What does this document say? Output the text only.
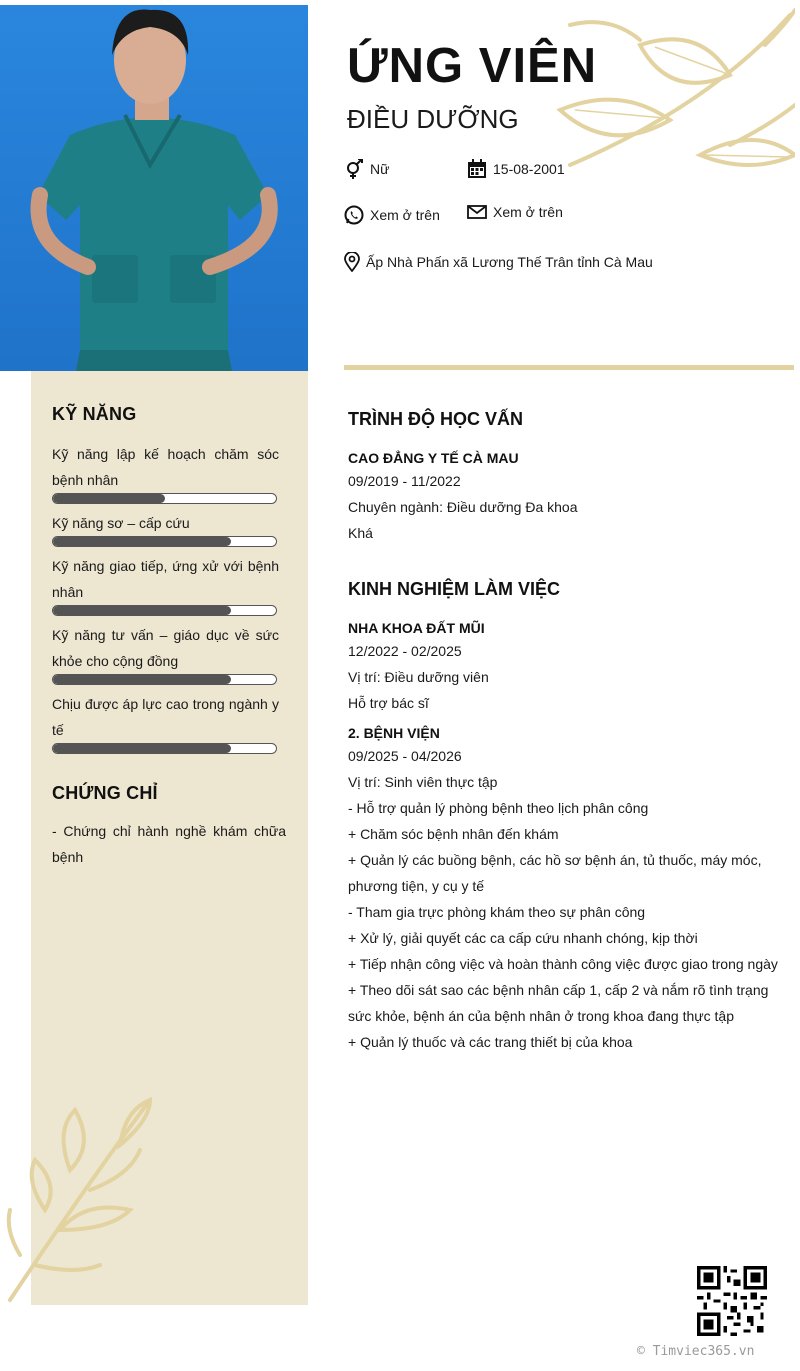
ỨNG VIÊN
ĐIỀU DƯỠNG
Nữ	15-08-2001
Xem ở trên	Xem ở trên
Ấp Nhà Phấn xã Lương Thế Trân tỉnh Cà Mau
KỸ NĂNG
Kỹ năng lập kế hoạch chăm sóc bệnh nhân
Kỹ năng sơ – cấp cứu
Kỹ năng giao tiếp, ứng xử với bệnh nhân
Kỹ năng tư vấn – giáo dục về sức khỏe cho cộng đồng
Chịu được áp lực cao trong ngành y tế
CHỨNG CHỈ
- Chứng chỉ hành nghề khám chữa bệnh
TRÌNH ĐỘ HỌC VẤN
CAO ĐẲNG Y TẾ CÀ MAU
09/2019 - 11/2022
Chuyên ngành: Điều dưỡng Đa khoa
Khá
KINH NGHIỆM LÀM VIỆC
NHA KHOA ĐẤT MŨI
12/2022 - 02/2025
Vị trí: Điều dưỡng viên
Hỗ trợ bác sĩ
2. BỆNH VIỆN
09/2025 - 04/2026
Vị trí: Sinh viên thực tập
- Hỗ trợ quản lý phòng bệnh theo lịch phân công
+ Chăm sóc bệnh nhân đến khám
+ Quản lý các buồng bệnh, các hồ sơ bệnh án, tủ thuốc, máy móc, phương tiện, y cụ y tế
- Tham gia trực phòng khám theo sự phân công
+ Xử lý, giải quyết các ca cấp cứu nhanh chóng, kịp thời
+ Tiếp nhận công việc và hoàn thành công việc được giao trong ngày
+ Theo dõi sát sao các bệnh nhân cấp 1, cấp 2 và nắm rõ tình trạng sức khỏe, bệnh án của bệnh nhân ở trong khoa đang thực tập
+ Quản lý thuốc và các trang thiết bị của khoa
© Timviec365.vn
